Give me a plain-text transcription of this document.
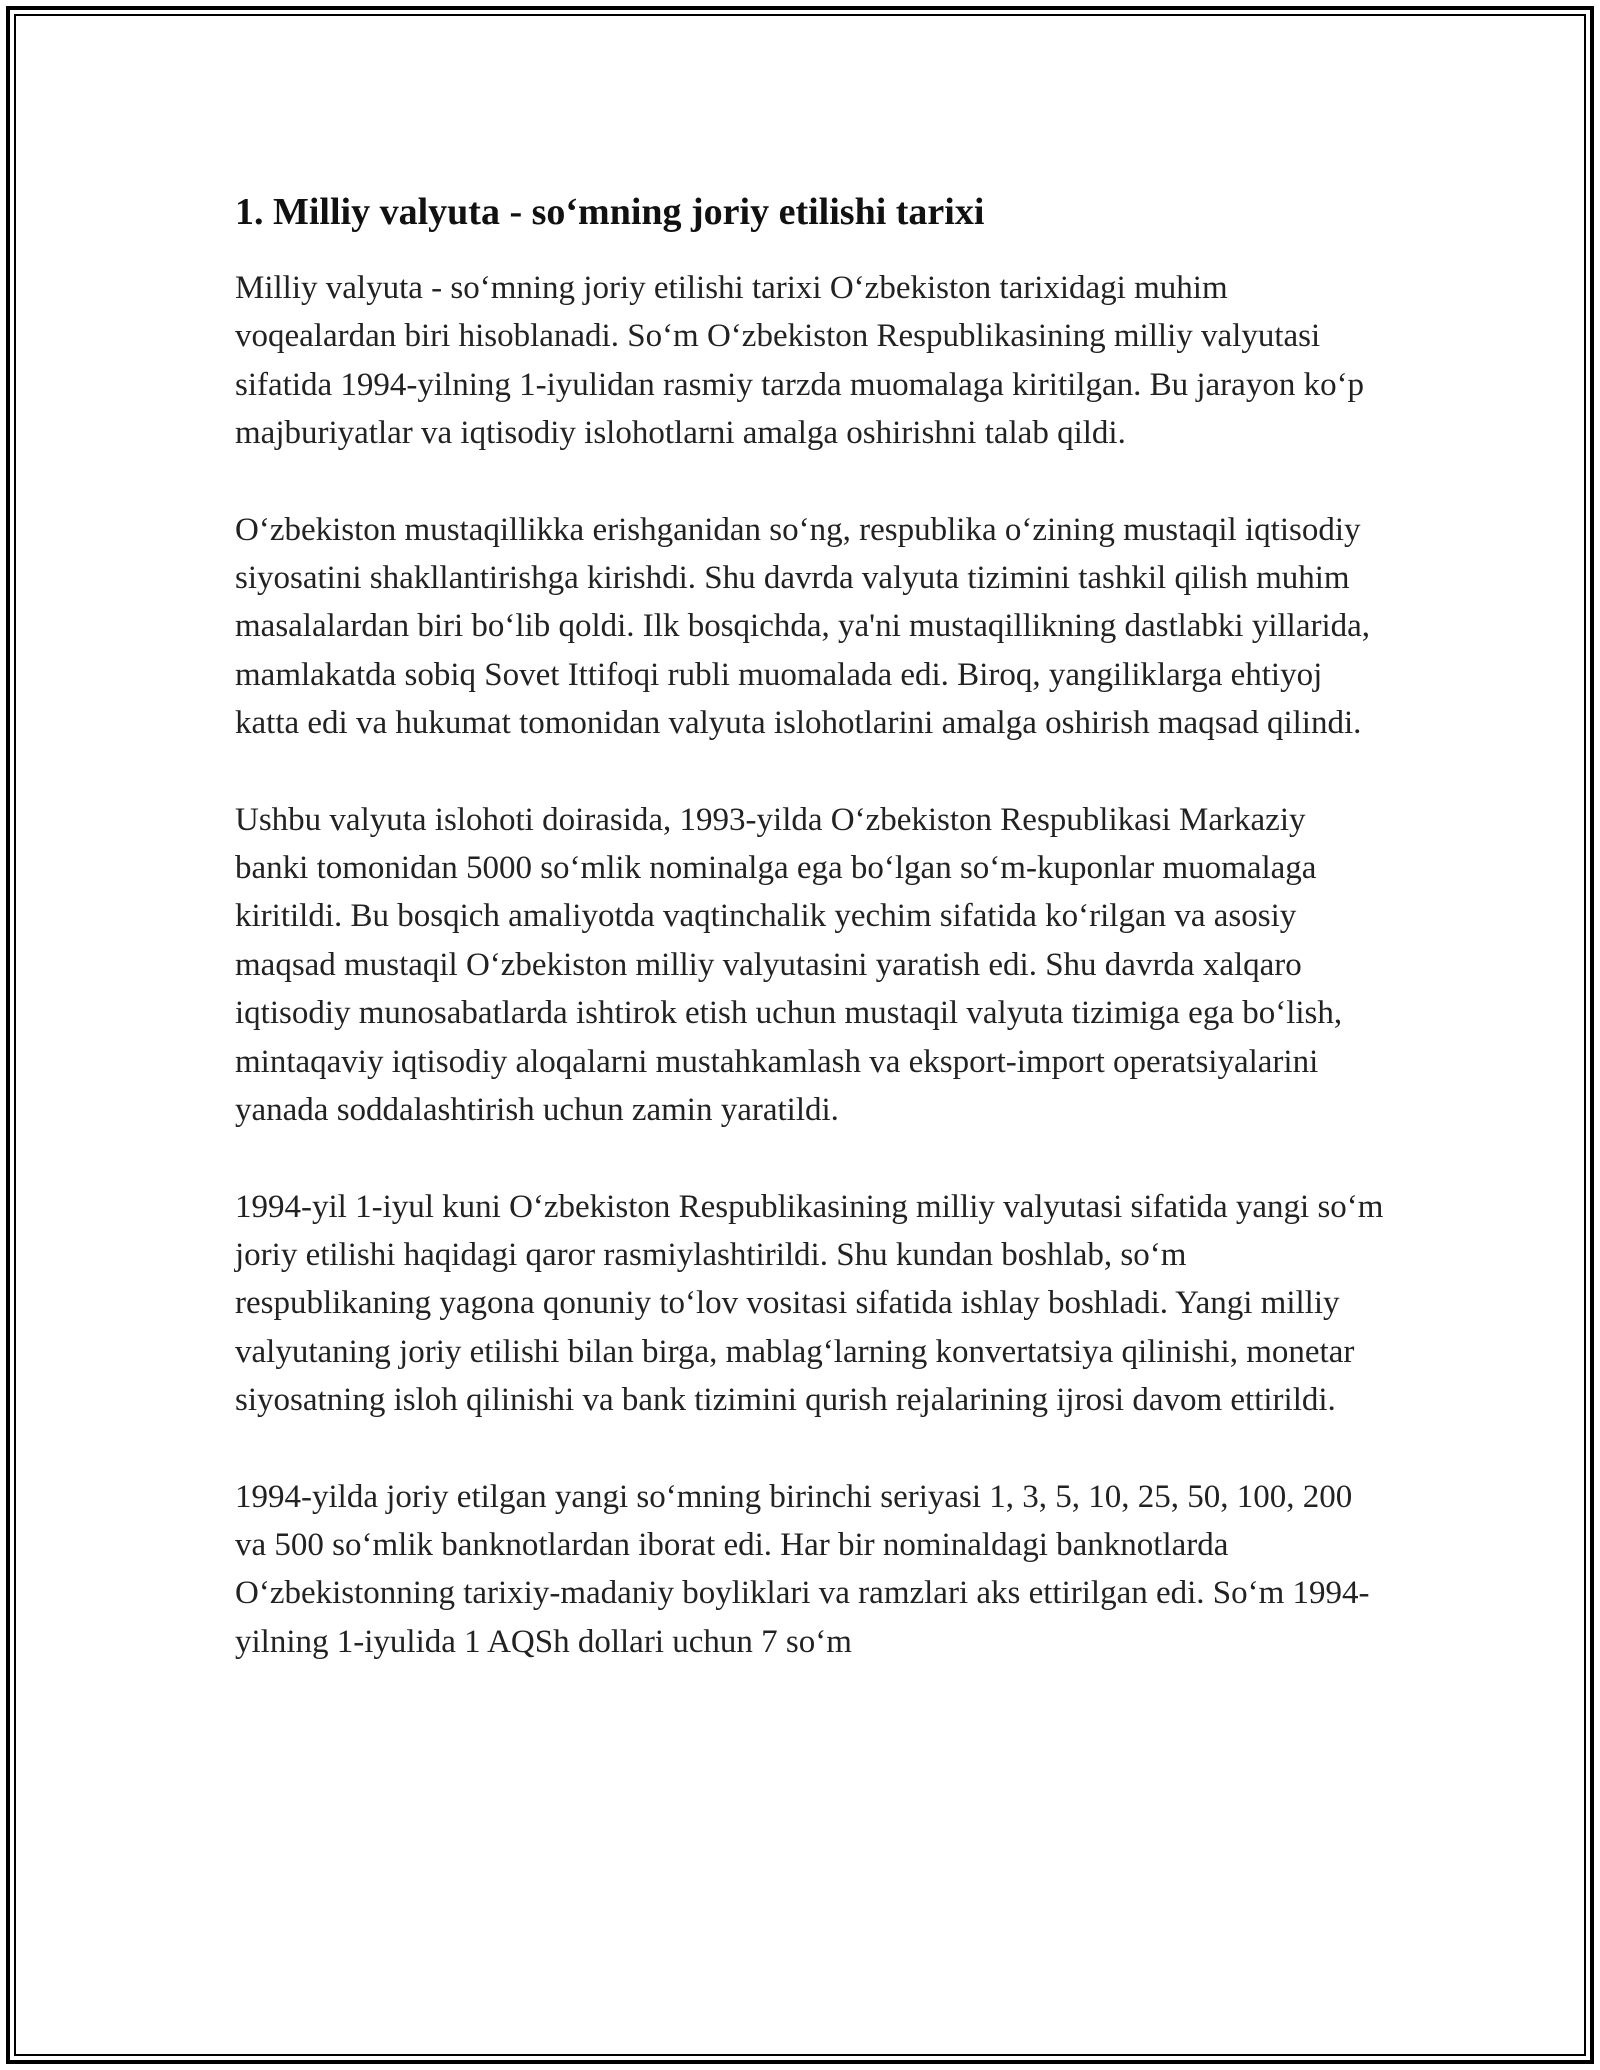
1. Milliy valyuta - so‘mning joriy etilishi tarixi

Milliy valyuta - so‘mning joriy etilishi tarixi O‘zbekiston tarixidagi muhim voqealardan biri hisoblanadi. So‘m O‘zbekiston Respublikasining milliy valyutasi sifatida 1994-yilning 1-iyulidan rasmiy tarzda muomalaga kiritilgan. Bu jarayon ko‘p majburiyatlar va iqtisodiy islohotlarni amalga oshirishni talab qildi.

O‘zbekiston mustaqillikka erishganidan so‘ng, respublika o‘zining mustaqil iqtisodiy siyosatini shakllantirishga kirishdi. Shu davrda valyuta tizimini tashkil qilish muhim masalalardan biri bo‘lib qoldi. Ilk bosqichda, ya'ni mustaqillikning dastlabki yillarida, mamlakatda sobiq Sovet Ittifoqi rubli muomalada edi. Biroq, yangiliklarga ehtiyoj katta edi va hukumat tomonidan valyuta islohotlarini amalga oshirish maqsad qilindi.

Ushbu valyuta islohoti doirasida, 1993-yilda O‘zbekiston Respublikasi Markaziy banki tomonidan 5000 so‘mlik nominalga ega bo‘lgan so‘m-kuponlar muomalaga kiritildi. Bu bosqich amaliyotda vaqtinchalik yechim sifatida ko‘rilgan va asosiy maqsad mustaqil O‘zbekiston milliy valyutasini yaratish edi. Shu davrda xalqaro iqtisodiy munosabatlarda ishtirok etish uchun mustaqil valyuta tizimiga ega bo‘lish, mintaqaviy iqtisodiy aloqalarni mustahkamlash va eksport-import operatsiyalarini yanada soddalashtirish uchun zamin yaratildi.

1994-yil 1-iyul kuni O‘zbekiston Respublikasining milliy valyutasi sifatida yangi so‘m joriy etilishi haqidagi qaror rasmiylashtirildi. Shu kundan boshlab, so‘m respublikaning yagona qonuniy to‘lov vositasi sifatida ishlay boshladi. Yangi milliy valyutaning joriy etilishi bilan birga, mablag‘larning konvertatsiya qilinishi, monetar siyosatning isloh qilinishi va bank tizimini qurish rejalarining ijrosi davom ettirildi.

1994-yilda joriy etilgan yangi so‘mning birinchi seriyasi 1, 3, 5, 10, 25, 50, 100, 200 va 500 so‘mlik banknotlardan iborat edi. Har bir nominaldagi banknotlarda O‘zbekistonning tarixiy-madaniy boyliklari va ramzlari aks ettirilgan edi. So‘m 1994-yilning 1-iyulida 1 AQSh dollari uchun 7 so‘m
